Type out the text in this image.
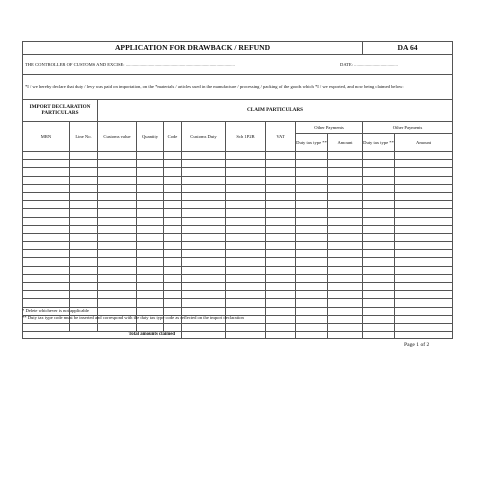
APPLICATION FOR DRAWBACK / REFUND										DA 64	
THE CONTROLLER OF CUSTOMS AND EXCISE: ............................................................................................... DATE: ......................................											

*I / we hereby declare that duty / levy was paid on importation, on the *materials / articles used in the manufacture / processing / packing of the goods which *I / we exported, and now being claimed below:											
IMPORT DECLARATION PARTICULARS		CLAIM PARTICULARS									
MRN	Line No.	Customs value	Quantity	Code	Customs Duty	Sch 1P2B	VAT	Other Payments		Other Payments	
								Duty tax type **	Amount	Duty tax type **	Amount

Total amounts claimed											
* Delete whichever is not applicable
** Duty tax type code must be inserted and correspond with the duty tax type code as reflected on the import declaration
Page 1 of 2
